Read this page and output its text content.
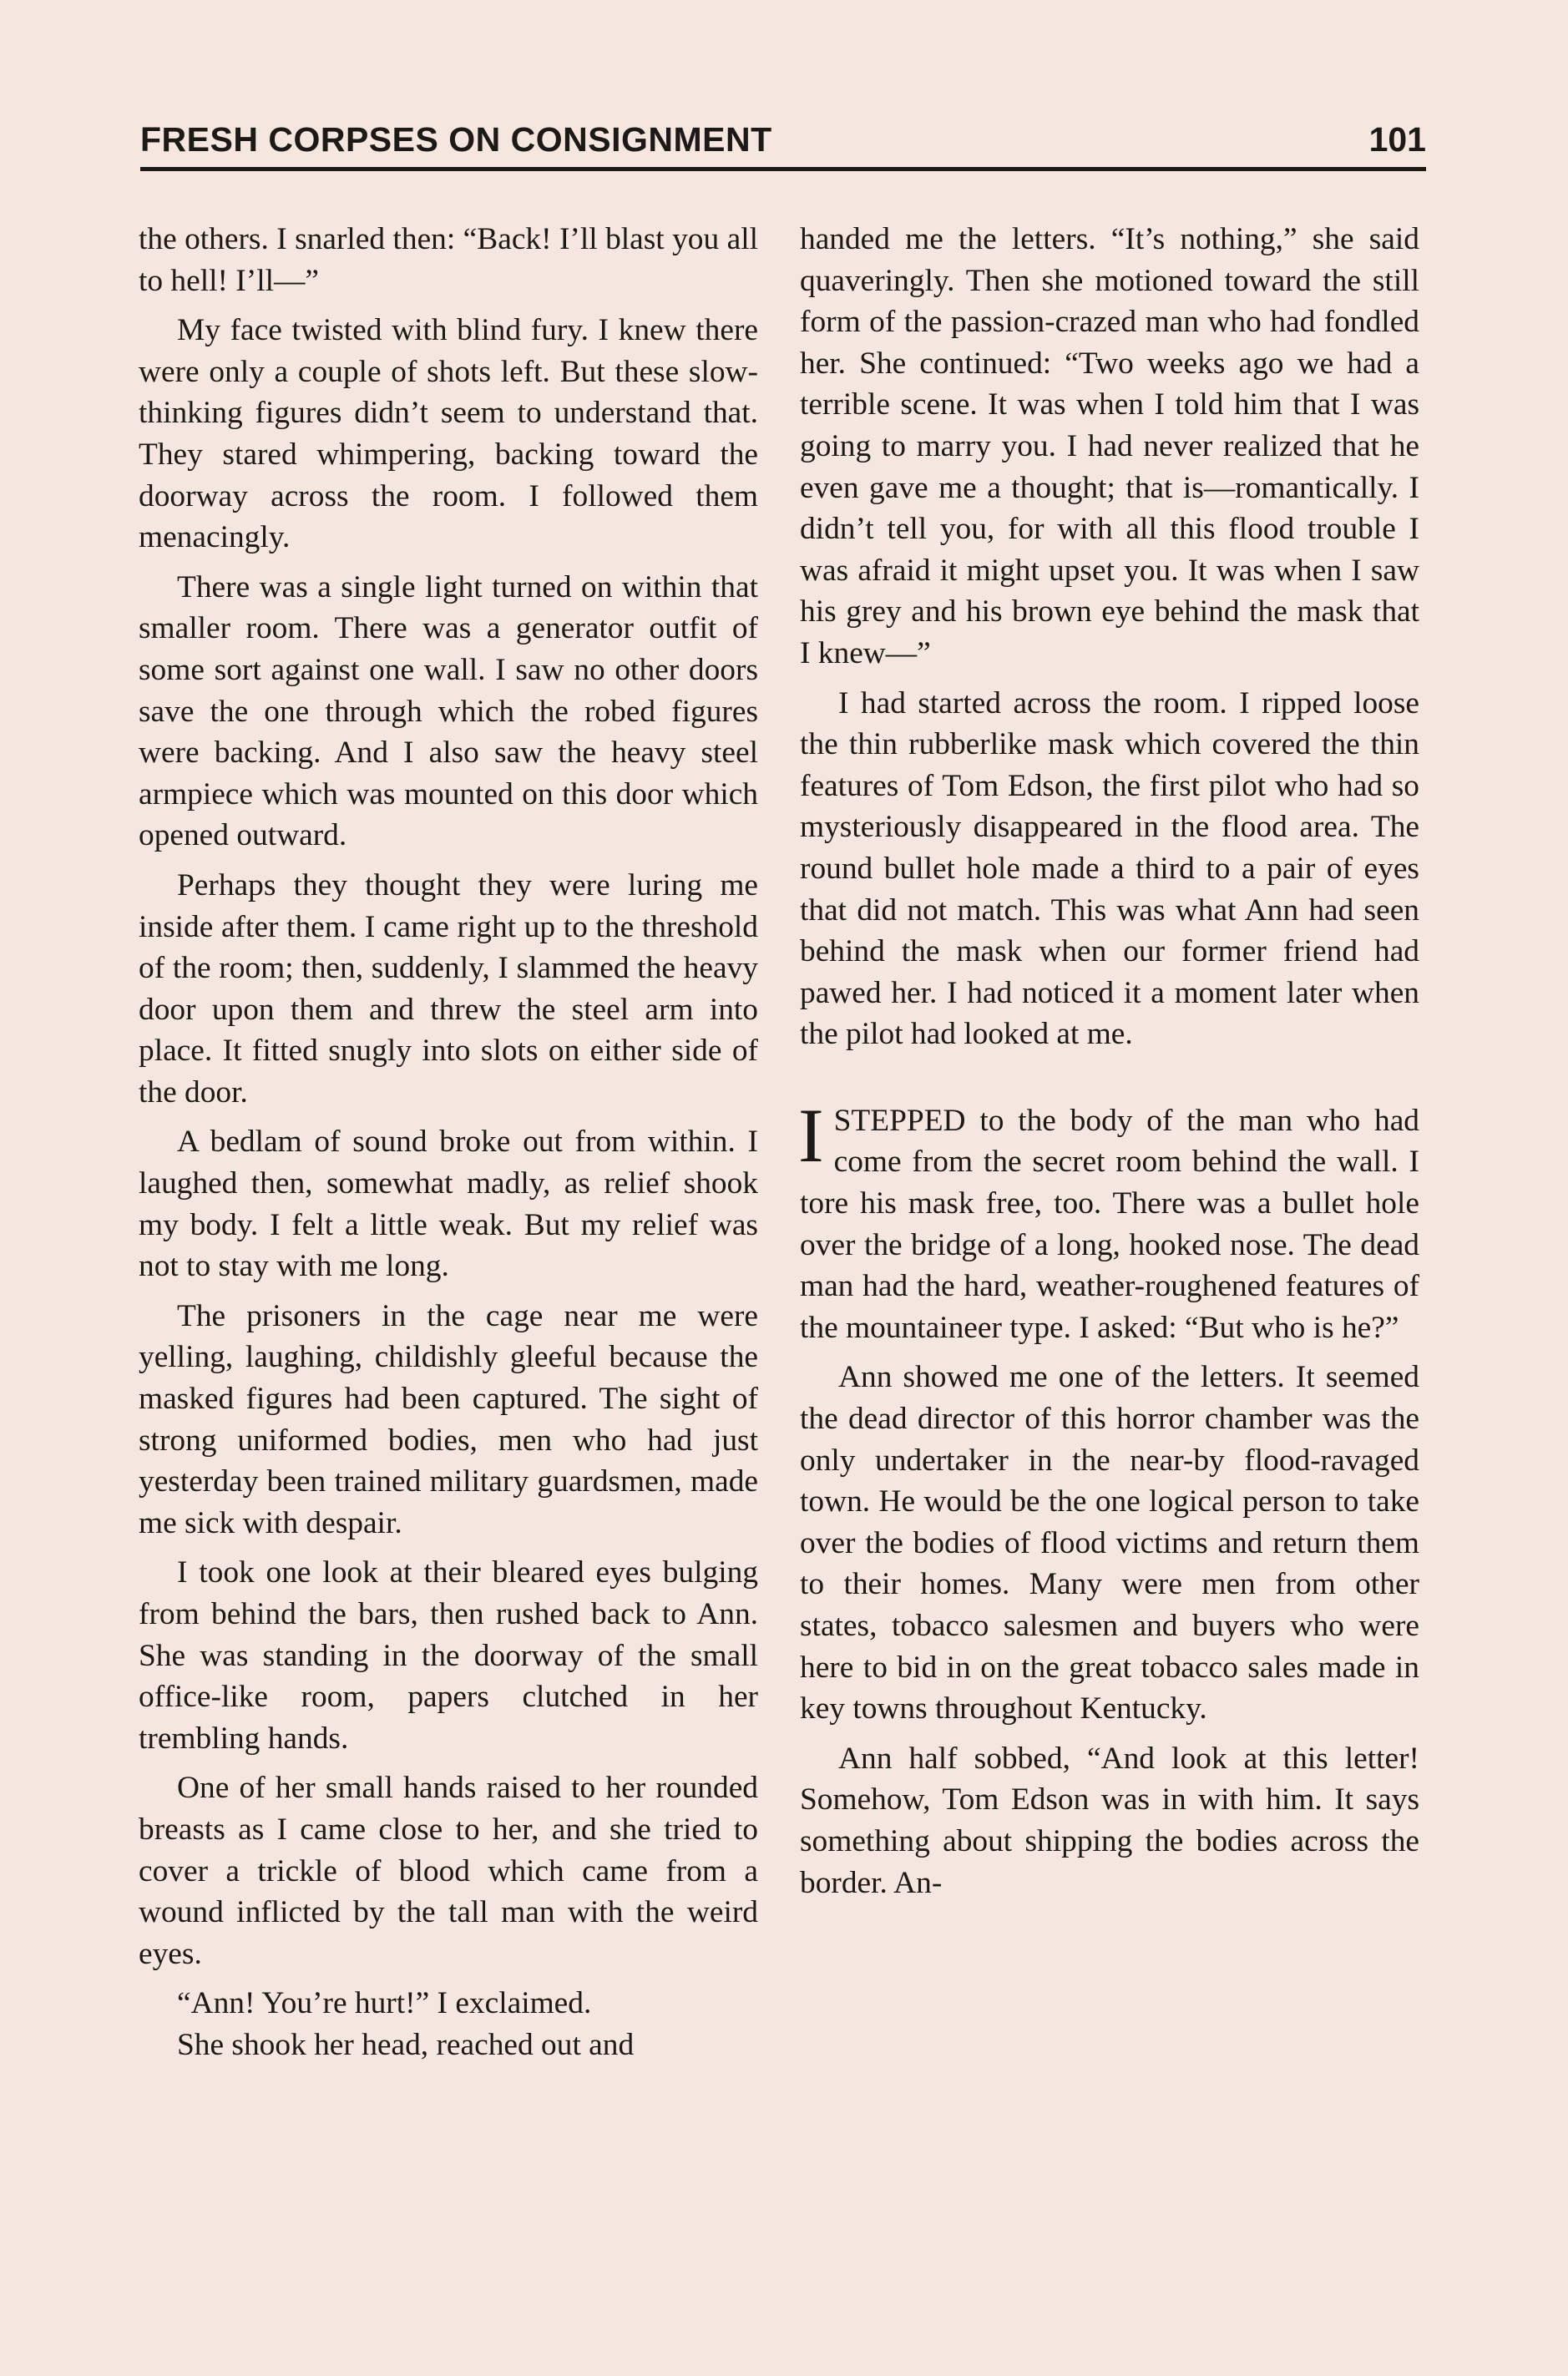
FRESH CORPSES ON CONSIGNMENT	101

the others. I snarled then: “Back! I’ll blast you all to hell! I’ll—”

My face twisted with blind fury. I knew there were only a couple of shots left. But these slow-thinking figures didn’t seem to understand that. They stared whimpering, backing toward the doorway across the room. I followed them menacingly.

There was a single light turned on within that smaller room. There was a generator outfit of some sort against one wall. I saw no other doors save the one through which the robed figures were backing. And I also saw the heavy steel armpiece which was mounted on this door which opened outward.

Perhaps they thought they were luring me inside after them. I came right up to the threshold of the room; then, suddenly, I slammed the heavy door upon them and threw the steel arm into place. It fitted snugly into slots on either side of the door.

A bedlam of sound broke out from within. I laughed then, somewhat madly, as relief shook my body. I felt a little weak. But my relief was not to stay with me long.

The prisoners in the cage near me were yelling, laughing, childishly gleeful because the masked figures had been captured. The sight of strong uniformed bodies, men who had just yesterday been trained military guardsmen, made me sick with despair.

I took one look at their bleared eyes bulging from behind the bars, then rushed back to Ann. She was standing in the doorway of the small office-like room, papers clutched in her trembling hands.

One of her small hands raised to her rounded breasts as I came close to her, and she tried to cover a trickle of blood which came from a wound inflicted by the tall man with the weird eyes.

“Ann! You’re hurt!” I exclaimed.

She shook her head, reached out and

handed me the letters. “It’s nothing,” she said quaveringly. Then she motioned toward the still form of the passion-crazed man who had fondled her. She continued: “Two weeks ago we had a terrible scene. It was when I told him that I was going to marry you. I had never realized that he even gave me a thought; that is—romantically. I didn’t tell you, for with all this flood trouble I was afraid it might upset you. It was when I saw his grey and his brown eye behind the mask that I knew—”

I had started across the room. I ripped loose the thin rubberlike mask which covered the thin features of Tom Edson, the first pilot who had so mysteriously disappeared in the flood area. The round bullet hole made a third to a pair of eyes that did not match. This was what Ann had seen behind the mask when our former friend had pawed her. I had noticed it a moment later when the pilot had looked at me.

ISTEPPED to the body of the man who had come from the secret room behind the wall. I tore his mask free, too. There was a bullet hole over the bridge of a long, hooked nose. The dead man had the hard, weather-roughened features of the mountaineer type. I asked: “But who is he?”

Ann showed me one of the letters. It seemed the dead director of this horror chamber was the only undertaker in the near-by flood-ravaged town. He would be the one logical person to take over the bodies of flood victims and return them to their homes. Many were men from other states, tobacco salesmen and buyers who were here to bid in on the great tobacco sales made in key towns throughout Kentucky.

Ann half sobbed, “And look at this letter! Somehow, Tom Edson was in with him. It says something about shipping the bodies across the border. An-
